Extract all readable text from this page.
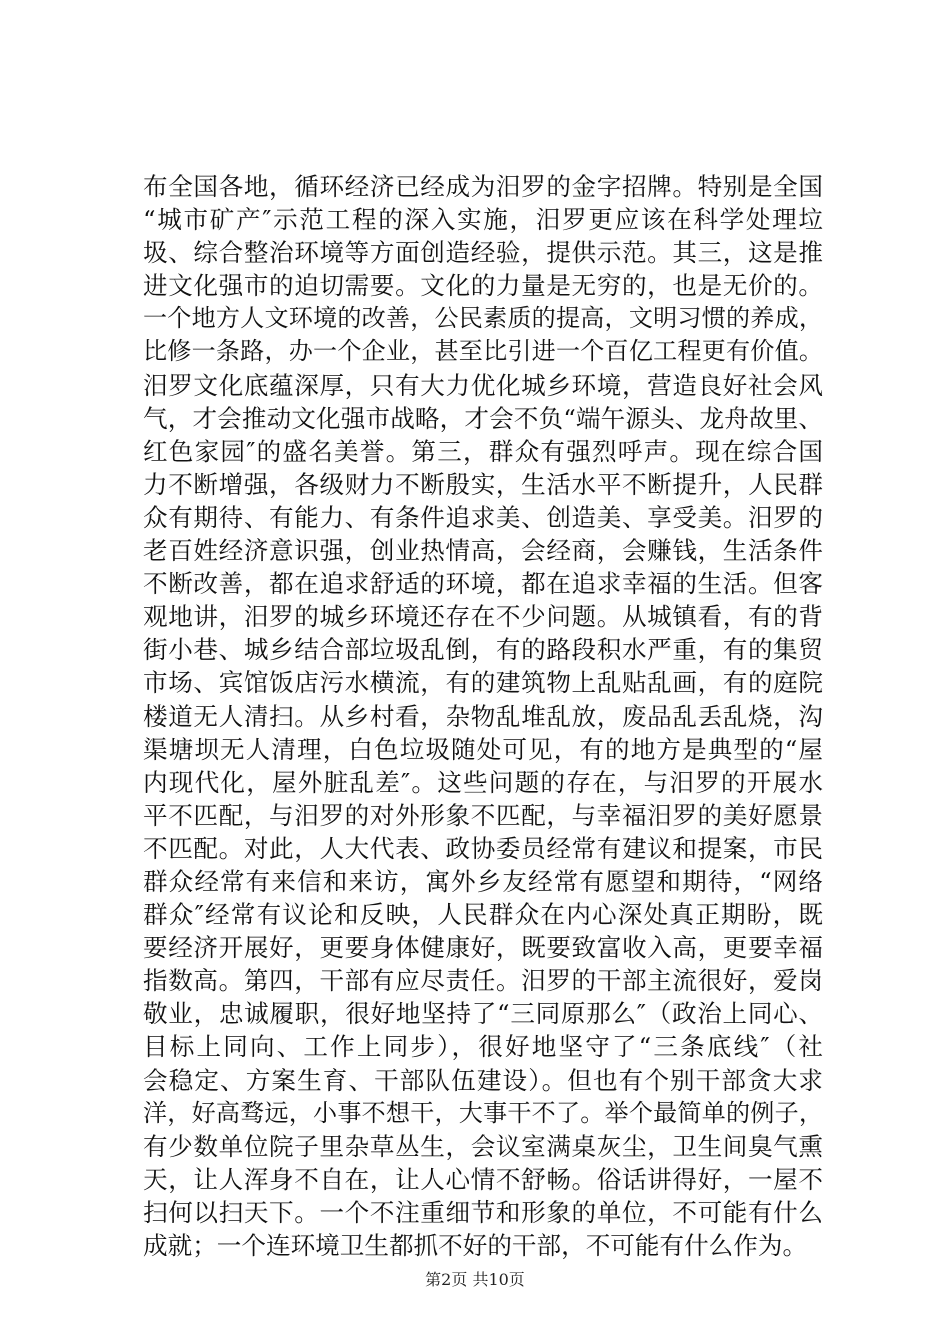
布全国各地，循环经济已经成为汨罗的金字招牌。特别是全国
“城市矿产″示范工程的深入实施，汨罗更应该在科学处理垃
圾、综合整治环境等方面创造经验，提供示范。其三，这是推
进文化强市的迫切需要。文化的力量是无穷的，也是无价的。
一个地方人文环境的改善，公民素质的提高，文明习惯的养成，
比修一条路，办一个企业，甚至比引进一个百亿工程更有价值。
汨罗文化底蕴深厚，只有大力优化城乡环境，营造良好社会风
气，才会推动文化强市战略，才会不负“端午源头、龙舟故里、
红色家园″的盛名美誉。第三，群众有强烈呼声。现在综合国
力不断增强，各级财力不断殷实，生活水平不断提升，人民群
众有期待、有能力、有条件追求美、创造美、享受美。汨罗的
老百姓经济意识强，创业热情高，会经商，会赚钱，生活条件
不断改善，都在追求舒适的环境，都在追求幸福的生活。但客
观地讲，汨罗的城乡环境还存在不少问题。从城镇看，有的背
街小巷、城乡结合部垃圾乱倒，有的路段积水严重，有的集贸
市场、宾馆饭店污水横流，有的建筑物上乱贴乱画，有的庭院
楼道无人清扫。从乡村看，杂物乱堆乱放，废品乱丢乱烧，沟
渠塘坝无人清理，白色垃圾随处可见，有的地方是典型的“屋
内现代化，屋外脏乱差″。这些问题的存在，与汨罗的开展水
平不匹配，与汨罗的对外形象不匹配，与幸福汨罗的美好愿景
不匹配。对此，人大代表、政协委员经常有建议和提案，市民
群众经常有来信和来访，寓外乡友经常有愿望和期待，“网络
群众″经常有议论和反映，人民群众在内心深处真正期盼，既
要经济开展好，更要身体健康好，既要致富收入高，更要幸福
指数高。第四，干部有应尽责任。汨罗的干部主流很好，爱岗
敬业，忠诚履职，很好地坚持了“三同原那么″（政治上同心、
目标上同向、工作上同步），很好地坚守了“三条底线″（社
会稳定、方案生育、干部队伍建设）。但也有个别干部贪大求
洋，好高骛远，小事不想干，大事干不了。举个最简单的例子，
有少数单位院子里杂草丛生，会议室满桌灰尘，卫生间臭气熏
天，让人浑身不自在，让人心情不舒畅。俗话讲得好，一屋不
扫何以扫天下。一个不注重细节和形象的单位，不可能有什么
成就；一个连环境卫生都抓不好的干部，不可能有什么作为。
第2页 共10页
